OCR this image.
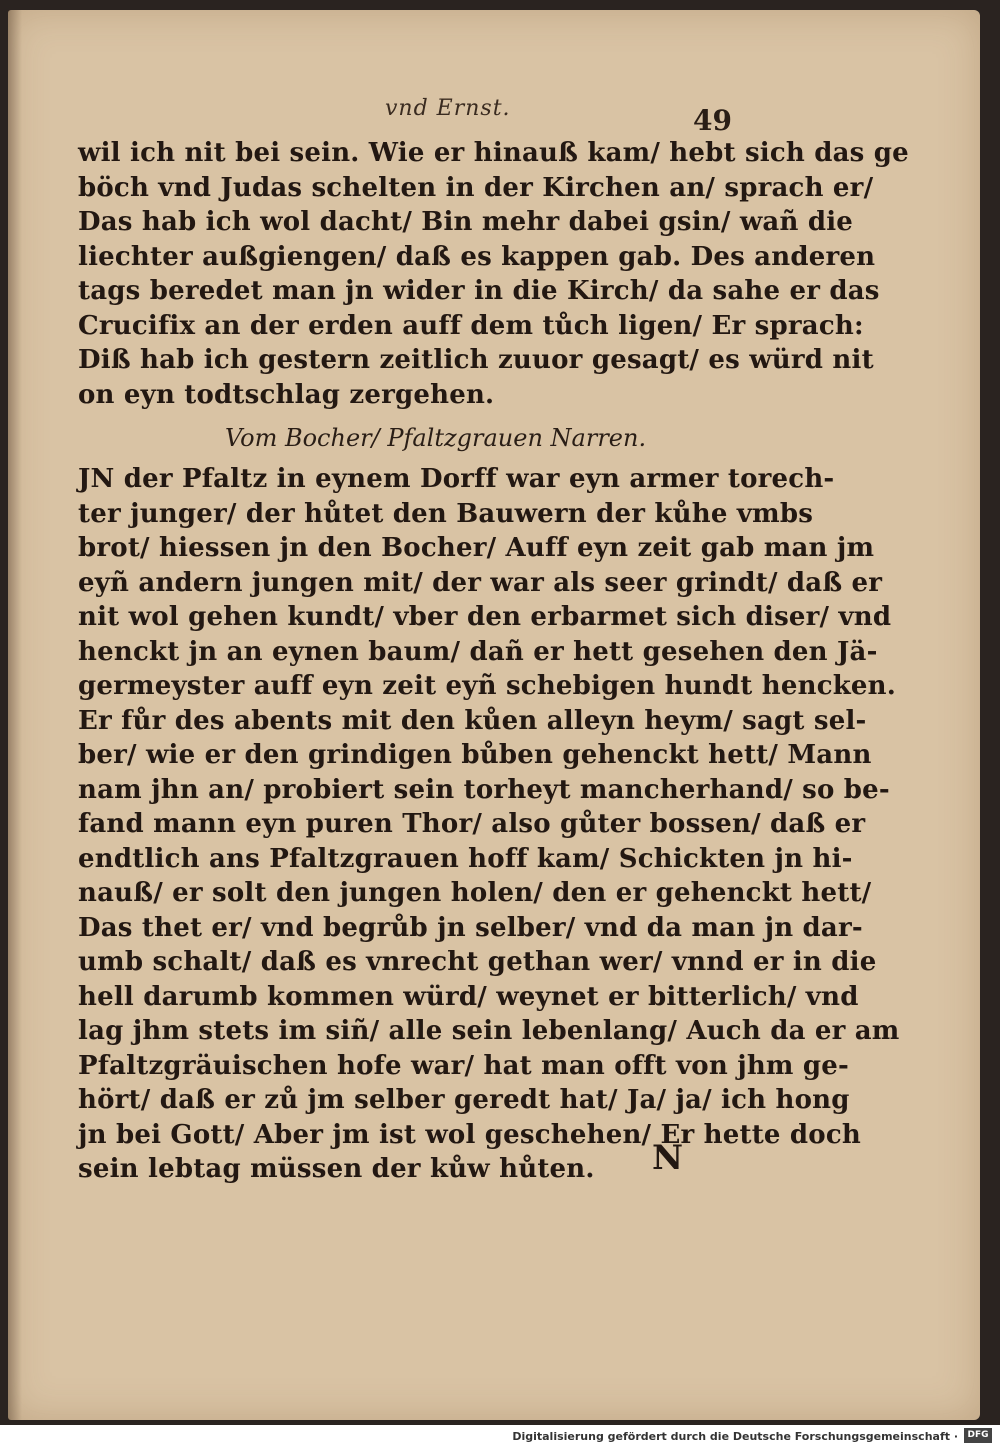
vnd Ernst.	49
wil ich nit bei sein. Wie er hinauß kam/ hebt sich das ge
böch vnd Judas schelten in der Kirchen an/ sprach er/
Das hab ich wol dacht/ Bin mehr dabei gsin/ wañ die
liechter außgiengen/ daß es kappen gab. Des anderen
tags beredet man jn wider in die Kirch/ da sahe er das
Crucifix an der erden auff dem tůch ligen/ Er sprach:
Diß hab ich gestern zeitlich zuuor gesagt/ es würd nit
on eyn todtschlag zergehen.
Vom Bocher/ Pfaltzgrauen Narren.
JN der Pfaltz in eynem Dorff war eyn armer torech-
ter junger/ der hůtet den Bauwern der kůhe vmbs
brot/ hiessen jn den Bocher/ Auff eyn zeit gab man jm
eyñ andern jungen mit/ der war als seer grindt/ daß er
nit wol gehen kundt/ vber den erbarmet sich diser/ vnd
henckt jn an eynen baum/ dañ er hett gesehen den Jä-
germeyster auff eyn zeit eyñ schebigen hundt hencken.
Er fůr des abents mit den kůen alleyn heym/ sagt sel-
ber/ wie er den grindigen bůben gehenckt hett/ Mann
nam jhn an/ probiert sein torheyt mancherhand/ so be-
fand mann eyn puren Thor/ also gůter bossen/ daß er
endtlich ans Pfaltzgrauen hoff kam/ Schickten jn hi-
nauß/ er solt den jungen holen/ den er gehenckt hett/
Das thet er/ vnd begrůb jn selber/ vnd da man jn dar-
umb schalt/ daß es vnrecht gethan wer/ vnnd er in die
hell darumb kommen würd/ weynet er bitterlich/ vnd
lag jhm stets im siñ/ alle sein lebenlang/ Auch da er am
Pfaltzgräuischen hofe war/ hat man offt von jhm ge-
hört/ daß er zů jm selber geredt hat/ Ja/ ja/ ich hong
jn bei Gott/ Aber jm ist wol geschehen/ Er hette doch
sein lebtag müssen der kůw hůten.	N
Digitalisierung gefördert durch die Deutsche Forschungsgemeinschaft ·	DFG
